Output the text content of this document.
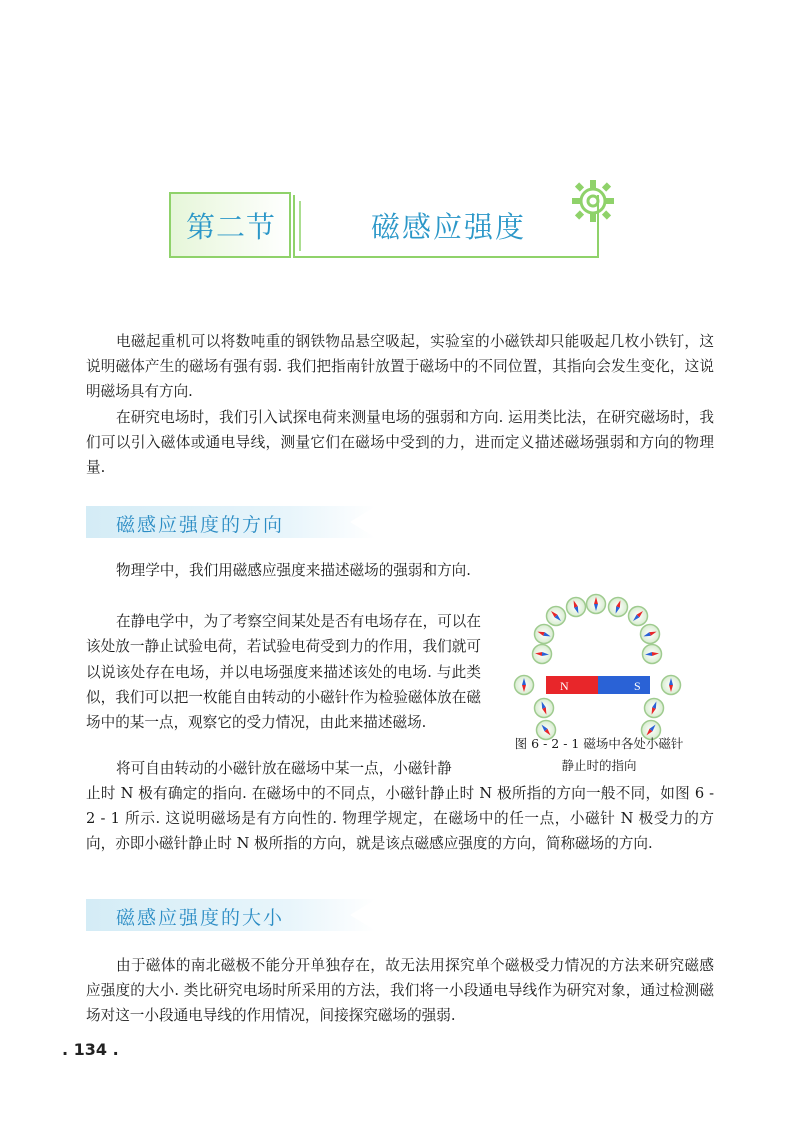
第二节	磁感应强度

电磁起重机可以将数吨重的钢铁物品悬空吸起，实验室的小磁铁却只能吸起几枚小铁钉，这说明磁体产生的磁场有强有弱. 我们把指南针放置于磁场中的不同位置，其指向会发生变化，这说明磁场具有方向.

在研究电场时，我们引入试探电荷来测量电场的强弱和方向. 运用类比法，在研究磁场时，我们可以引入磁体或通电导线，测量它们在磁场中受到的力，进而定义描述磁场强弱和方向的物理量.

磁感应强度的方向

物理学中，我们用磁感应强度来描述磁场的强弱和方向.

在静电学中，为了考察空间某处是否有电场存在，可以在该处放一静止试验电荷，若试验电荷受到力的作用，我们就可以说该处存在电场，并以电场强度来描述该处的电场. 与此类似，我们可以把一枚能自由转动的小磁针作为检验磁体放在磁场中的某一点，观察它的受力情况，由此来描述磁场.

将可自由转动的小磁针放在磁场中某一点，小磁针静

止时 N 极有确定的指向. 在磁场中的不同点，小磁针静止时 N 极所指的方向一般不同，如图 6 - 2 - 1 所示. 这说明磁场是有方向性的. 物理学规定，在磁场中的任一点，小磁针 N 极受力的方向，亦即小磁针静止时 N 极所指的方向，就是该点磁感应强度的方向，简称磁场的方向.

N	S
图 6 - 2 - 1 磁场中各处小磁针
静止时的指向
磁感应强度的大小

由于磁体的南北磁极不能分开单独存在，故无法用探究单个磁极受力情况的方法来研究磁感应强度的大小. 类比研究电场时所采用的方法，我们将一小段通电导线作为研究对象，通过检测磁场对这一小段通电导线的作用情况，间接探究磁场的强弱.

. 134 .
